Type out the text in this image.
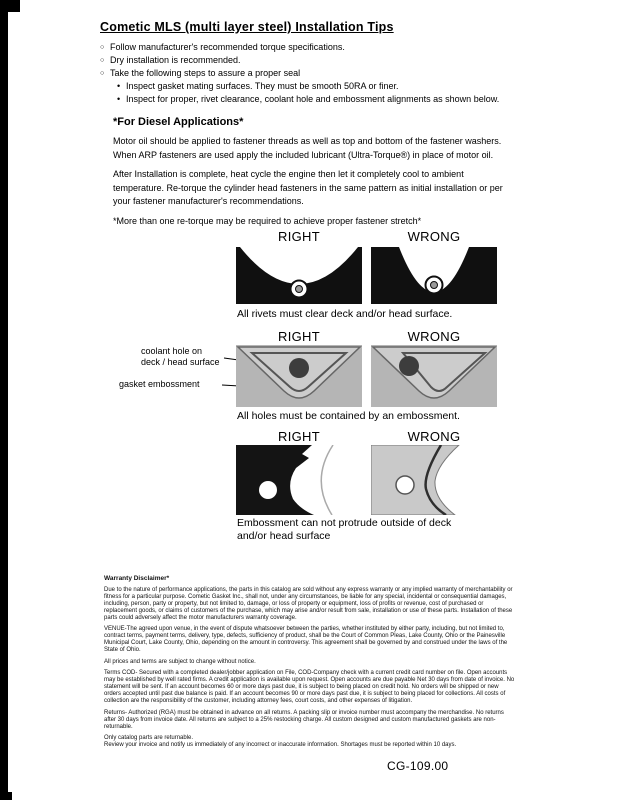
Cometic MLS (multi layer steel) Installation Tips
○ Follow manufacturer's recommended torque specifications.
○ Dry installation is recommended.
○ Take the following steps to assure a proper seal
• Inspect gasket mating surfaces. They must be smooth 50RA or finer.
• Inspect for proper, rivet clearance, coolant hole and embossment alignments as shown below.
*For Diesel Applications*

Motor oil should be applied to fastener threads as well as top and bottom of the fastener washers. When ARP fasteners are used apply the included lubricant (Ultra-Torque®) in place of motor oil.

After Installation is complete, heat cycle the engine then let it completely cool to ambient temperature. Re-torque the cylinder head fasteners in the same pattern as initial installation or per your fastener manufacturer's recommendations.

*More than one re-torque may be required to achieve proper fastener stretch*

RIGHT	WRONG
All rivets must clear deck and/or head surface.
RIGHT	WRONG
coolant hole on
deck / head surface
gasket embossment
All holes must be contained by an embossment.
RIGHT	WRONG
Embossment can not protrude outside of deck and/or head surface

Warranty Disclaimer*

Due to the nature of performance applications, the parts in this catalog are sold without any express warranty or any implied warranty of merchantability or fitness for a particular purpose. Cometic Gasket Inc., shall not, under any circumstances, be liable for any special, incidental or consequential damages, including, person, party or property, but not limited to, damage, or loss of property or equipment, loss of profits or revenue, cost of purchased or replacement goods, or claims of customers of the purchase, which may arise and/or result from sale, installation or use of these parts. Installation of these parts could adversely affect the motor manufacturers warranty coverage.

VENUE-The agreed upon venue, in the event of dispute whatsoever between the parties, whether instituted by either party, including, but not limited to, contract terms, payment terms, delivery, type, defects, sufficiency of product, shall be the Court of Common Pleas, Lake County, Ohio or the Painesville Municipal Court, Lake County, Ohio, depending on the amount in controversy. This agreement shall be governed by and construed under the laws of the State of Ohio.

All prices and terms are subject to change without notice.

Terms COD- Secured with a completed dealer/jobber application on File, COD-Company check with a current credit card number on file. Open accounts may be established by well rated firms. A credit application is available upon request. Open accounts are due payable Net 30 days from date of invoice. No statement will be sent. If an account becomes 60 or more days past due, it is subject to being placed on credit hold. No orders will be shipped or new orders accepted until past due balance is paid. If an account becomes 90 or more days past due, it is subject to being placed for collections. All costs of collection are the responsibility of the customer, including attorney fees, court costs, and other expenses of litigation.

Returns- Authorized (RGA) must be obtained in advance on all returns. A packing slip or invoice number must accompany the merchandise. No returns after 30 days from invoice date. All returns are subject to a 25% restocking charge. All custom designed and custom manufactured gaskets are non-returnable.

Only catalog parts are returnable.

Review your invoice and notify us immediately of any incorrect or inaccurate information. Shortages must be reported within 10 days.

CG-109.00
